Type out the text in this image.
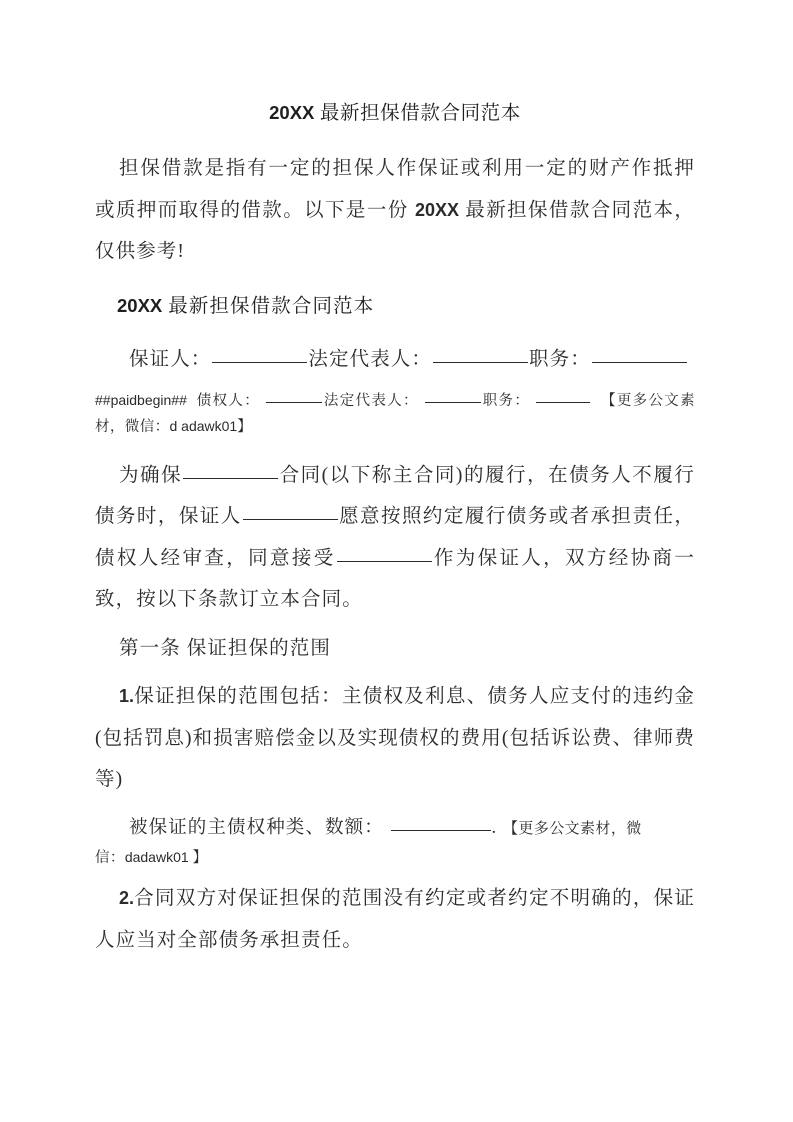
20XX 最新担保借款合同范本

担保借款是指有一定的担保人作保证或利用一定的财产作抵押或质押而取得的借款。以下是一份 20XX 最新担保借款合同范本，仅供参考!

20XX 最新担保借款合同范本

保证人：	法定代表人：	职务：

##paidbegin## 债权人：	法定代表人：	职务：	【更多公文素材，微信：d adawk01】

为确保	合同(以下称主合同)的履行，在债务人不履行债务时，保证人	愿意按照约定履行债务或者承担责任，债权人经审查，同意接受	作为保证人，双方经协商一致，按以下条款订立本合同。

第一条 保证担保的范围

1.保证担保的范围包括：主债权及利息、债务人应支付的违约金(包括罚息)和损害赔偿金以及实现债权的费用(包括诉讼费、律师费等)

被保证的主债权种类、数额：	. 【更多公文素材，微

信：dadawk01 】

2.合同双方对保证担保的范围没有约定或者约定不明确的，保证人应当对全部债务承担责任。
